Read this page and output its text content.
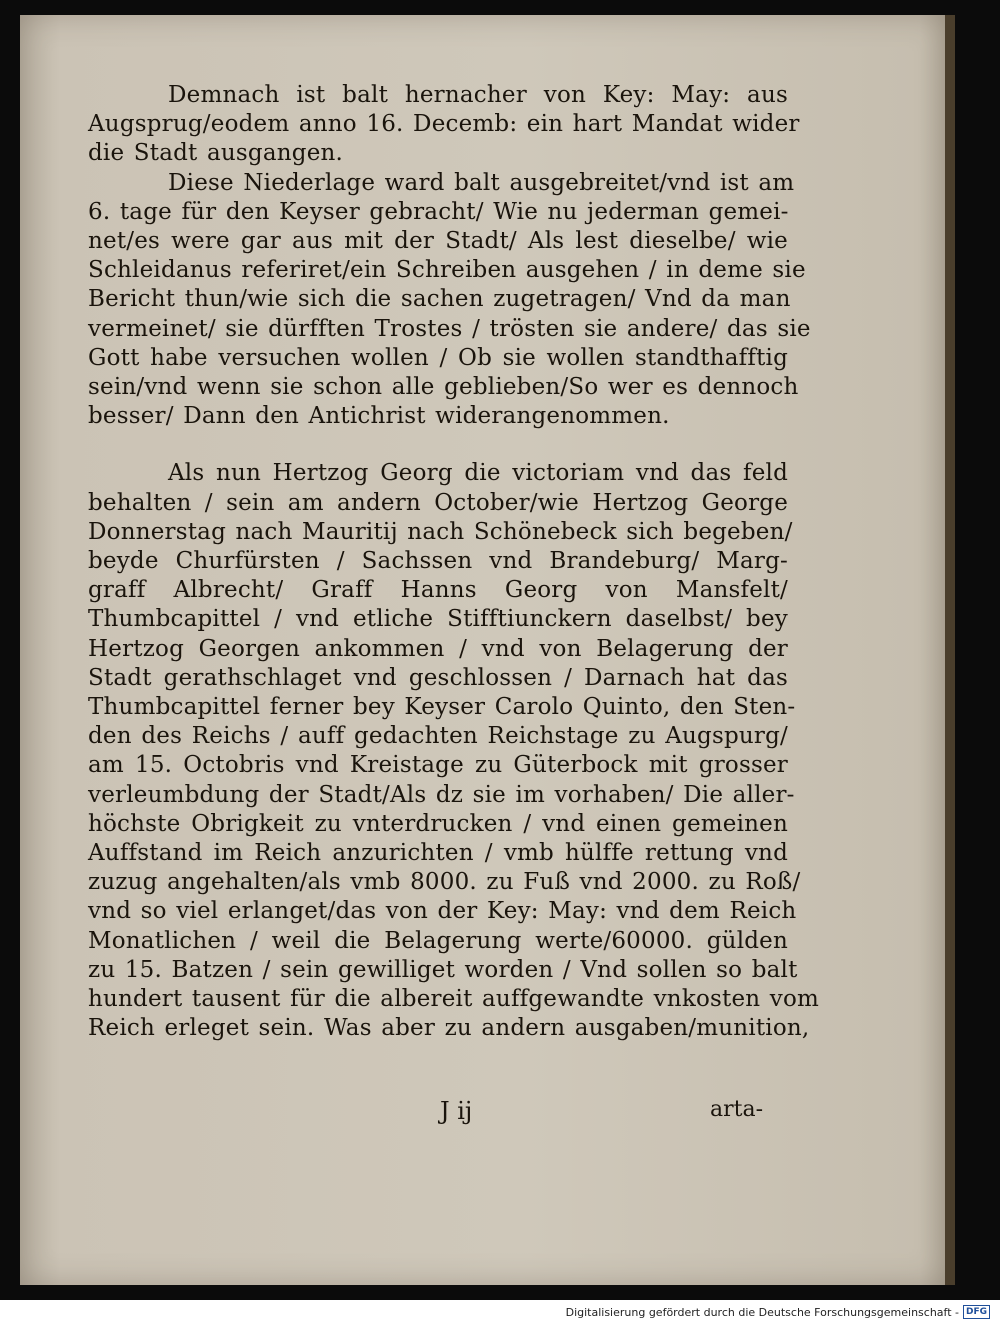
Demnach ist balt hernacher von Key: May: aus
Augsprug/eodem anno 16. Decemb: ein hart Mandat wider
die Stadt ausgangen.
Diese Niederlage ward balt ausgebreitet/vnd ist am
6. tage für den Keyser gebracht/ Wie nu jederman gemei-
net/es were gar aus mit der Stadt/ Als lest dieselbe/ wie
Schleidanus referiret/ein Schreiben ausgehen / in deme sie
Bericht thun/wie sich die sachen zugetragen/ Vnd da man
vermeinet/ sie dürfften Trostes / trösten sie andere/ das sie
Gott habe versuchen wollen / Ob sie wollen standthafftig
sein/vnd wenn sie schon alle geblieben/So wer es dennoch
besser/ Dann den Antichrist widerangenommen.
Als nun Hertzog Georg die victoriam vnd das feld
behalten / sein am andern October/wie Hertzog George
Donnerstag nach Mauritij nach Schönebeck sich begeben/
beyde Churfürsten / Sachssen vnd Brandeburg/ Marg-
graff Albrecht/ Graff Hanns Georg von Mansfelt/
Thumbcapittel / vnd etliche Stifftiunckern daselbst/ bey
Hertzog Georgen ankommen / vnd von Belagerung der
Stadt gerathschlaget vnd geschlossen / Darnach hat das
Thumbcapittel ferner bey Keyser Carolo Quinto, den Sten-
den des Reichs / auff gedachten Reichstage zu Augspurg/
am 15. Octobris vnd Kreistage zu Güterbock mit grosser
verleumbdung der Stadt/Als dz sie im vorhaben/ Die aller-
höchste Obrigkeit zu vnterdrucken / vnd einen gemeinen
Auffstand im Reich anzurichten / vmb hülffe rettung vnd
zuzug angehalten/als vmb 8000. zu Fuß vnd 2000. zu Roß/
vnd so viel erlanget/das von der Key: May: vnd dem Reich
Monatlichen / weil die Belagerung werte/60000. gülden
zu 15. Batzen / sein gewilliget worden / Vnd sollen so balt
hundert tausent für die albereit auffgewandte vnkosten vom
Reich erleget sein. Was aber zu andern ausgaben/munition,
J ij	arta-
Digitalisierung gefördert durch die Deutsche Forschungsgemeinschaft - DFG
